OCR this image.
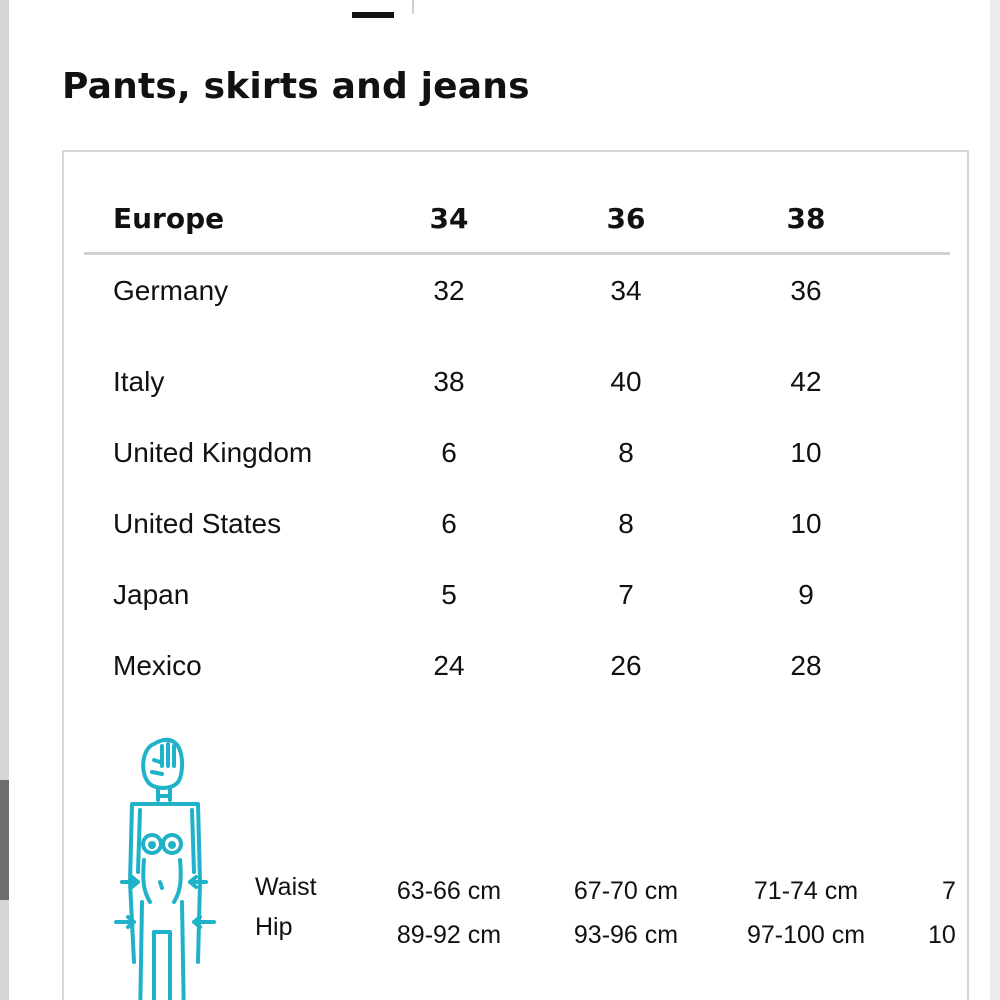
Pants, skirts and jeans
Europe	34	36	38
Germany	32	34	36
Italy	38	40	42
United Kingdom	6	8	10
United States	6	8	10
Japan	5	7	9
Mexico	24	26	28
Waist	63-66 cm	67-70 cm	71-74 cm	7
Hip	89-92 cm	93-96 cm	97-100 cm	10
